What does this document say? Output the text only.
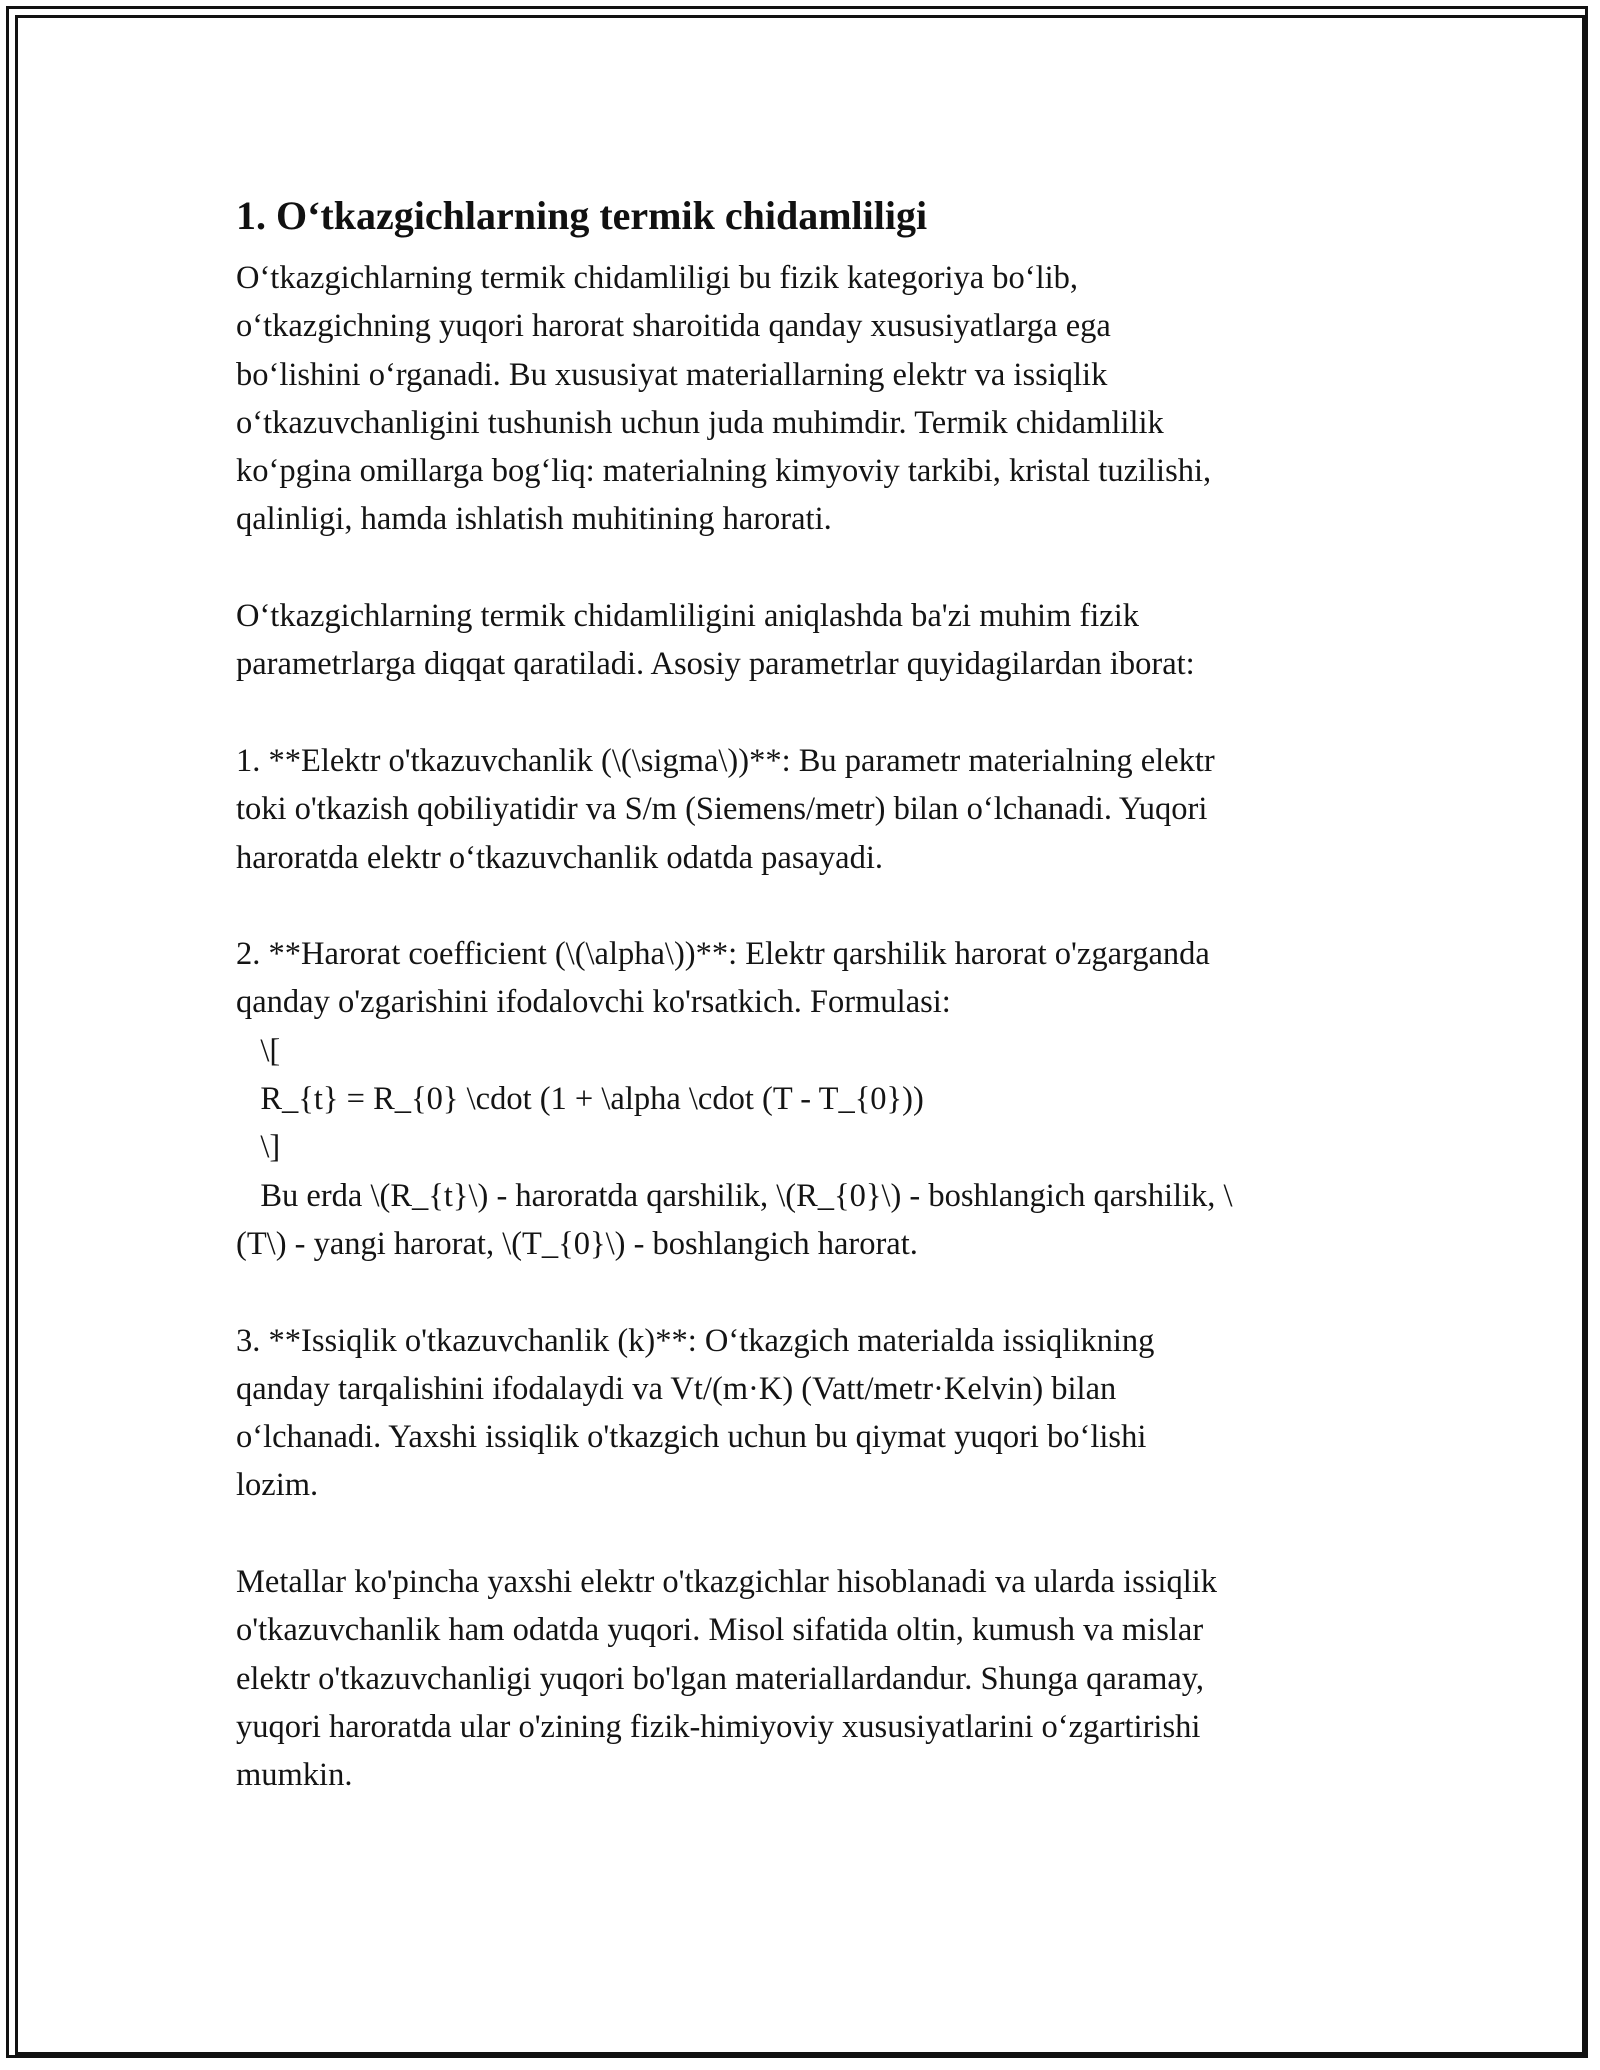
1. O‘tkazgichlarning termik chidamliligi
O‘tkazgichlarning termik chidamliligi bu fizik kategoriya bo‘lib,
o‘tkazgichning yuqori harorat sharoitida qanday xususiyatlarga ega
bo‘lishini o‘rganadi. Bu xususiyat materiallarning elektr va issiqlik
o‘tkazuvchanligini tushunish uchun juda muhimdir. Termik chidamlilik
ko‘pgina omillarga bog‘liq: materialning kimyoviy tarkibi, kristal tuzilishi,
qalinligi, hamda ishlatish muhitining harorati.
O‘tkazgichlarning termik chidamliligini aniqlashda ba'zi muhim fizik
parametrlarga diqqat qaratiladi. Asosiy parametrlar quyidagilardan iborat:
1. **Elektr o'tkazuvchanlik (\(\sigma\))**: Bu parametr materialning elektr
toki o'tkazish qobiliyatidir va S/m (Siemens/metr) bilan o‘lchanadi. Yuqori
haroratda elektr o‘tkazuvchanlik odatda pasayadi.
2. **Harorat coefficient (\(\alpha\))**: Elektr qarshilik harorat o'zgarganda
qanday o'zgarishini ifodalovchi ko'rsatkich. Formulasi:
\[
R_{t} = R_{0} \cdot (1 + \alpha \cdot (T - T_{0}))
\]
Bu erda \(R_{t}\) - haroratda qarshilik, \(R_{0}\) - boshlangich qarshilik, \
(T\) - yangi harorat, \(T_{0}\) - boshlangich harorat.
3. **Issiqlik o'tkazuvchanlik (k)**: O‘tkazgich materialda issiqlikning
qanday tarqalishini ifodalaydi va Vt/(m·K) (Vatt/metr·Kelvin) bilan
o‘lchanadi. Yaxshi issiqlik o'tkazgich uchun bu qiymat yuqori bo‘lishi
lozim.
Metallar ko'pincha yaxshi elektr o'tkazgichlar hisoblanadi va ularda issiqlik
o'tkazuvchanlik ham odatda yuqori. Misol sifatida oltin, kumush va mislar
elektr o'tkazuvchanligi yuqori bo'lgan materiallardandur. Shunga qaramay,
yuqori haroratda ular o'zining fizik-himiyoviy xususiyatlarini o‘zgartirishi
mumkin.
